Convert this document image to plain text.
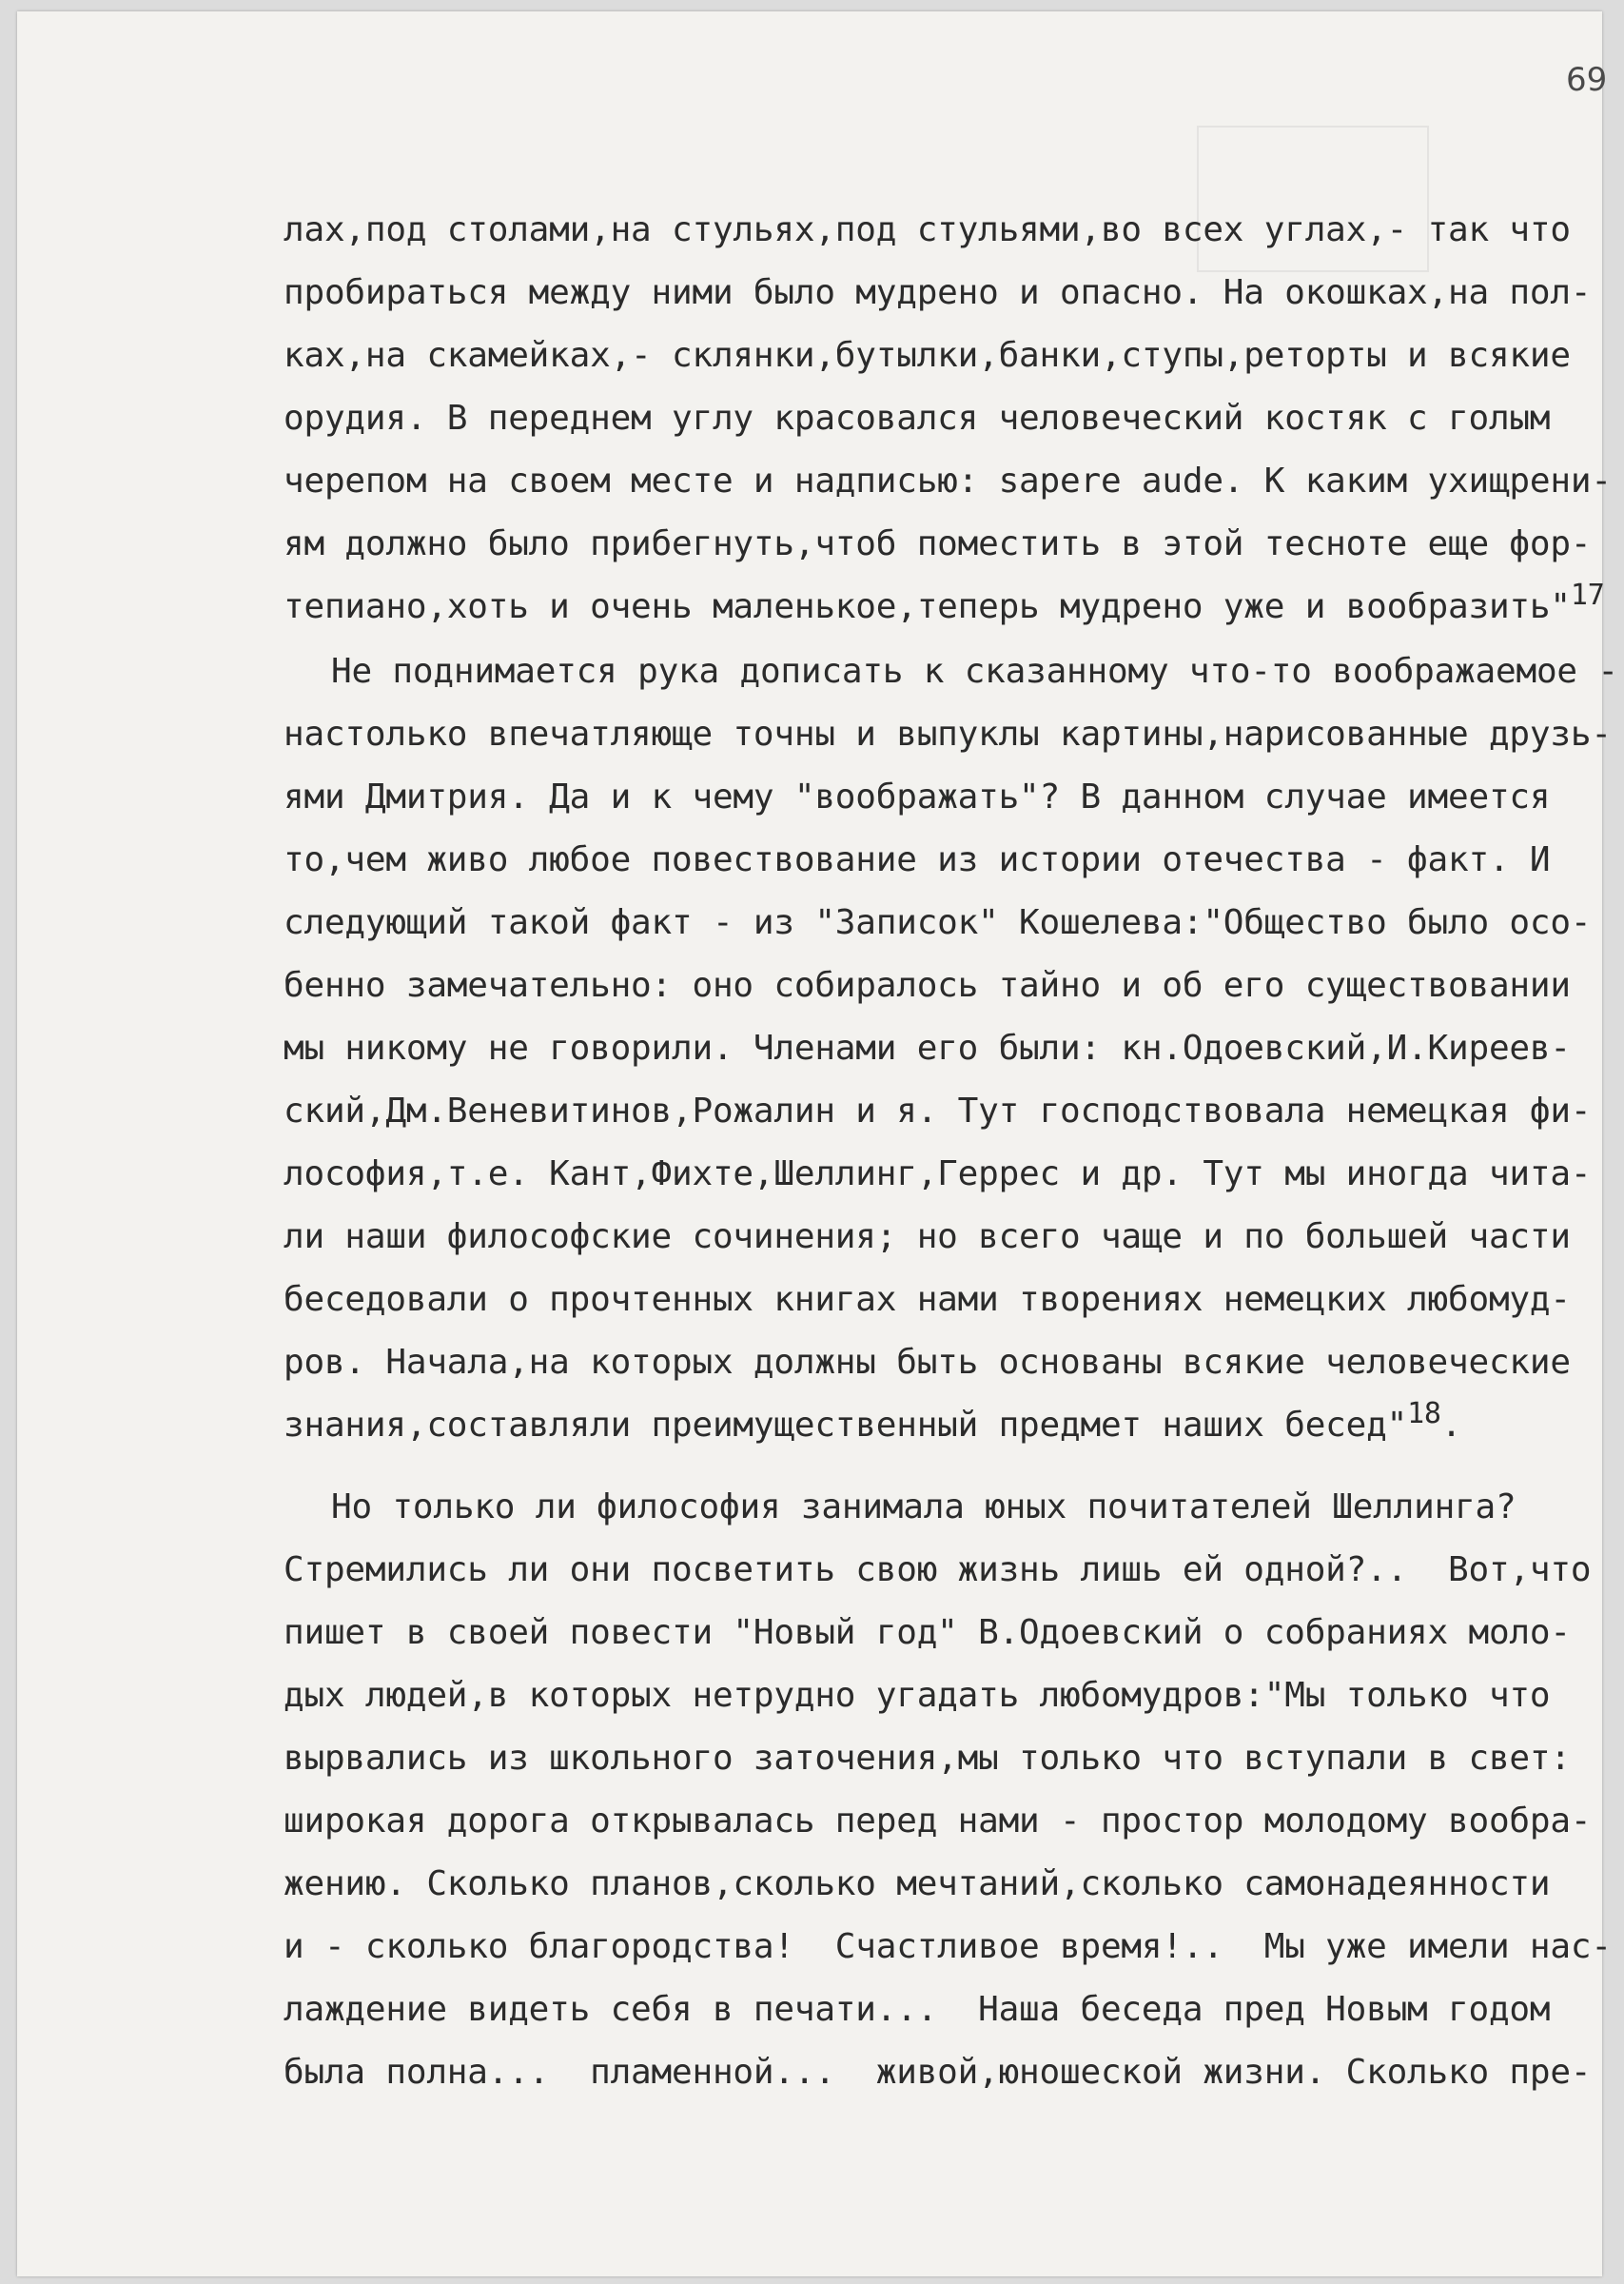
69
лах,под столами,на стульях,под стульями,во всех углах,- так что
пробираться между ними было мудрено и опасно. На окошках,на пол-
ках,на скамейках,- склянки,бутылки,банки,ступы,реторты и всякие
орудия. В переднем углу красовался человеческий костяк с голым
черепом на своем месте и надписью: sapere aude. К каким ухищрени-
ям должно было прибегнуть,чтоб поместить в этой тесноте еще фор-
тепиано,хоть и очень маленькое,теперь мудрено уже и вообразить"$^{17}$
Не поднимается рука дописать к сказанному что-то воображаемое -
настолько впечатляюще точны и выпуклы картины,нарисованные друзь-
ями Дмитрия. Да и к чему "воображать"? В данном случае имеется
то,чем живо любое повествование из истории отечества - факт. И
следующий такой факт - из "Записок" Кошелева:"Общество было осо-
бенно замечательно: оно собиралось тайно и об его существовании
мы никому не говорили. Членами его были: кн.Одоевский,И.Киреев-
ский,Дм.Веневитинов,Рожалин и я. Тут господствовала немецкая фи-
лософия,т.е. Кант,Фихте,Шеллинг,Геррес и др. Тут мы иногда чита-
ли наши философские сочинения; но всего чаще и по большей части
беседовали о прочтенных книгах нами творениях немецких любомуд-
ров. Начала,на которых должны быть основаны всякие человеческие
знания,составляли преимущественный предмет наших бесед"$^{18}$.
Но только ли философия занимала юных почитателей Шеллинга?
Стремились ли они посветить свою жизнь лишь ей одной?..  Вот,что
пишет в своей повести "Новый год" В.Одоевский о собраниях моло-
дых людей,в которых нетрудно угадать любомудров:"Мы только что
вырвались из школьного заточения,мы только что вступали в свет:
широкая дорога открывалась перед нами - простор молодому вообра-
жению. Сколько планов,сколько мечтаний,сколько самонадеянности
и - сколько благородства!  Счастливое время!..  Мы уже имели нас-
лаждение видеть себя в печати...  Наша беседа пред Новым годом
была полна...  пламенной...  живой,юношеской жизни. Сколько пре-
